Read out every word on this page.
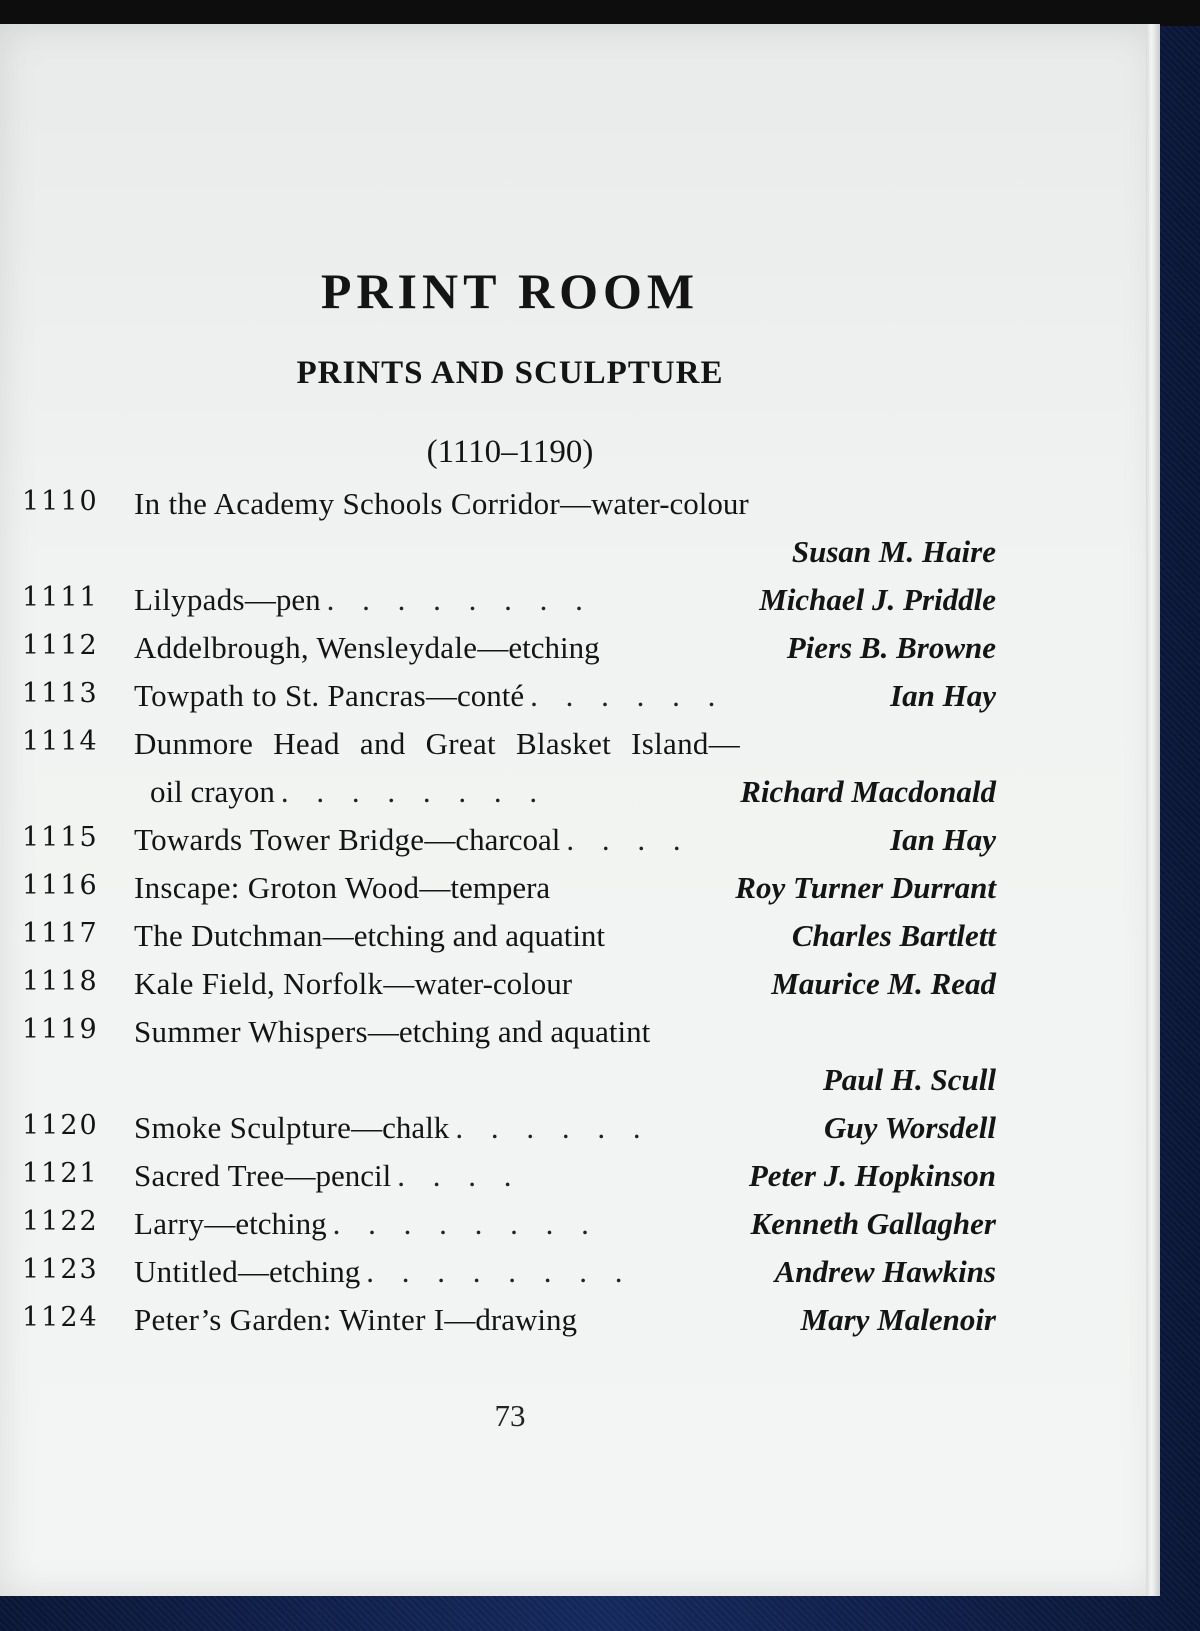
PRINT ROOM
PRINTS AND SCULPTURE
(1110–1190)
1110	In the Academy Schools Corridor —water-colour
Susan M. Haire
1111	Lilypads —pen . . . . . . . .	Michael J. Priddle
1112	Addelbrough, Wensleydale —etching	Piers B. Browne
1113	Towpath to St. Pancras —conté . . . . . .	Ian Hay
1114	Dunmore Head and Great Blasket Island —
oil crayon . . . . . . . .	Richard Macdonald
1115	Towards Tower Bridge —charcoal . . . .	Ian Hay
1116	Inscape: Groton Wood —tempera	Roy Turner Durrant
1117	The Dutchman —etching and aquatint	Charles Bartlett
1118	Kale Field, Norfolk —water-colour	Maurice M. Read
1119	Summer Whispers —etching and aquatint
Paul H. Scull
1120	Smoke Sculpture —chalk . . . . . .	Guy Worsdell
1121	Sacred Tree —pencil . . . .	Peter J. Hopkinson
1122	Larry —etching . . . . . . . .	Kenneth Gallagher
1123	Untitled —etching . . . . . . . .	Andrew Hawkins
1124	Peter’s Garden: Winter I —drawing	Mary Malenoir
73
